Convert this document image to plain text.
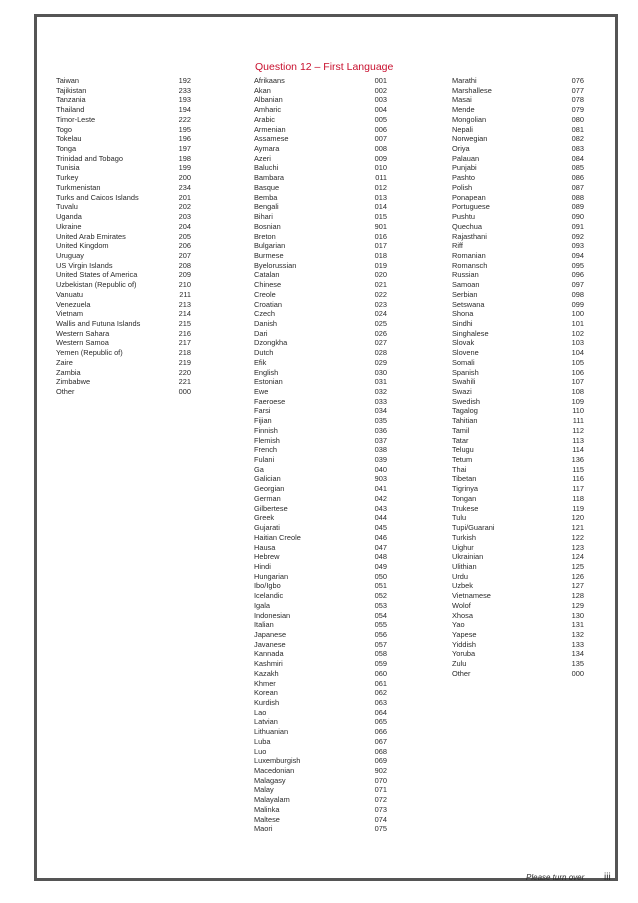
Question 12 – First Language
Taiwan	192
Tajikistan	233
Tanzania	193
Thailand	194
Timor-Leste	222
Togo	195
Tokelau	196
Tonga	197
Trinidad and Tobago	198
Tunisia	199
Turkey	200
Turkmenistan	234
Turks and Caicos Islands	201
Tuvalu	202
Uganda	203
Ukraine	204
United Arab Emirates	205
United Kingdom	206
Uruguay	207
US Virgin Islands	208
United States of America	209
Uzbekistan (Republic of)	210
Vanuatu	211
Venezuela	213
Vietnam	214
Wallis and Futuna Islands	215
Western Sahara	216
Western Samoa	217
Yemen (Republic of)	218
Zaire	219
Zambia	220
Zimbabwe	221
Other	000
Afrikaans	001
Akan	002
Albanian	003
Amharic	004
Arabic	005
Armenian	006
Assamese	007
Aymara	008
Azeri	009
Baluchi	010
Bambara	011
Basque	012
Bemba	013
Bengali	014
Bihari	015
Bosnian	901
Breton	016
Bulgarian	017
Burmese	018
Byelorussian	019
Catalan	020
Chinese	021
Creole	022
Croatian	023
Czech	024
Danish	025
Dari	026
Dzongkha	027
Dutch	028
Efik	029
English	030
Estonian	031
Ewe	032
Faeroese	033
Farsi	034
Fijian	035
Finnish	036
Flemish	037
French	038
Fulani	039
Ga	040
Galician	903
Georgian	041
German	042
Gilbertese	043
Greek	044
Gujarati	045
Haitian Creole	046
Hausa	047
Hebrew	048
Hindi	049
Hungarian	050
Ibo/Igbo	051
Icelandic	052
Igala	053
Indonesian	054
Italian	055
Japanese	056
Javanese	057
Kannada	058
Kashmiri	059
Kazakh	060
Khmer	061
Korean	062
Kurdish	063
Lao	064
Latvian	065
Lithuanian	066
Luba	067
Luo	068
Luxemburgish	069
Macedonian	902
Malagasy	070
Malay	071
Malayalam	072
Malinka	073
Maltese	074
Maori	075
Marathi	076
Marshallese	077
Masai	078
Mende	079
Mongolian	080
Nepali	081
Norwegian	082
Oriya	083
Palauan	084
Punjabi	085
Pashto	086
Polish	087
Ponapean	088
Portuguese	089
Pushtu	090
Quechua	091
Rajasthani	092
Riff	093
Romanian	094
Romansch	095
Russian	096
Samoan	097
Serbian	098
Setswana	099
Shona	100
Sindhi	101
Singhalese	102
Slovak	103
Slovene	104
Somali	105
Spanish	106
Swahili	107
Swazi	108
Swedish	109
Tagalog	110
Tahitian	111
Tamil	112
Tatar	113
Telugu	114
Tetum	136
Thai	115
Tibetan	116
Tigrinya	117
Tongan	118
Trukese	119
Tulu	120
Tupi/Guarani	121
Turkish	122
Uighur	123
Ukrainian	124
Ulithian	125
Urdu	126
Uzbek	127
Vietnamese	128
Wolof	129
Xhosa	130
Yao	131
Yapese	132
Yiddish	133
Yoruba	134
Zulu	135
Other	000
Please turn over iii
